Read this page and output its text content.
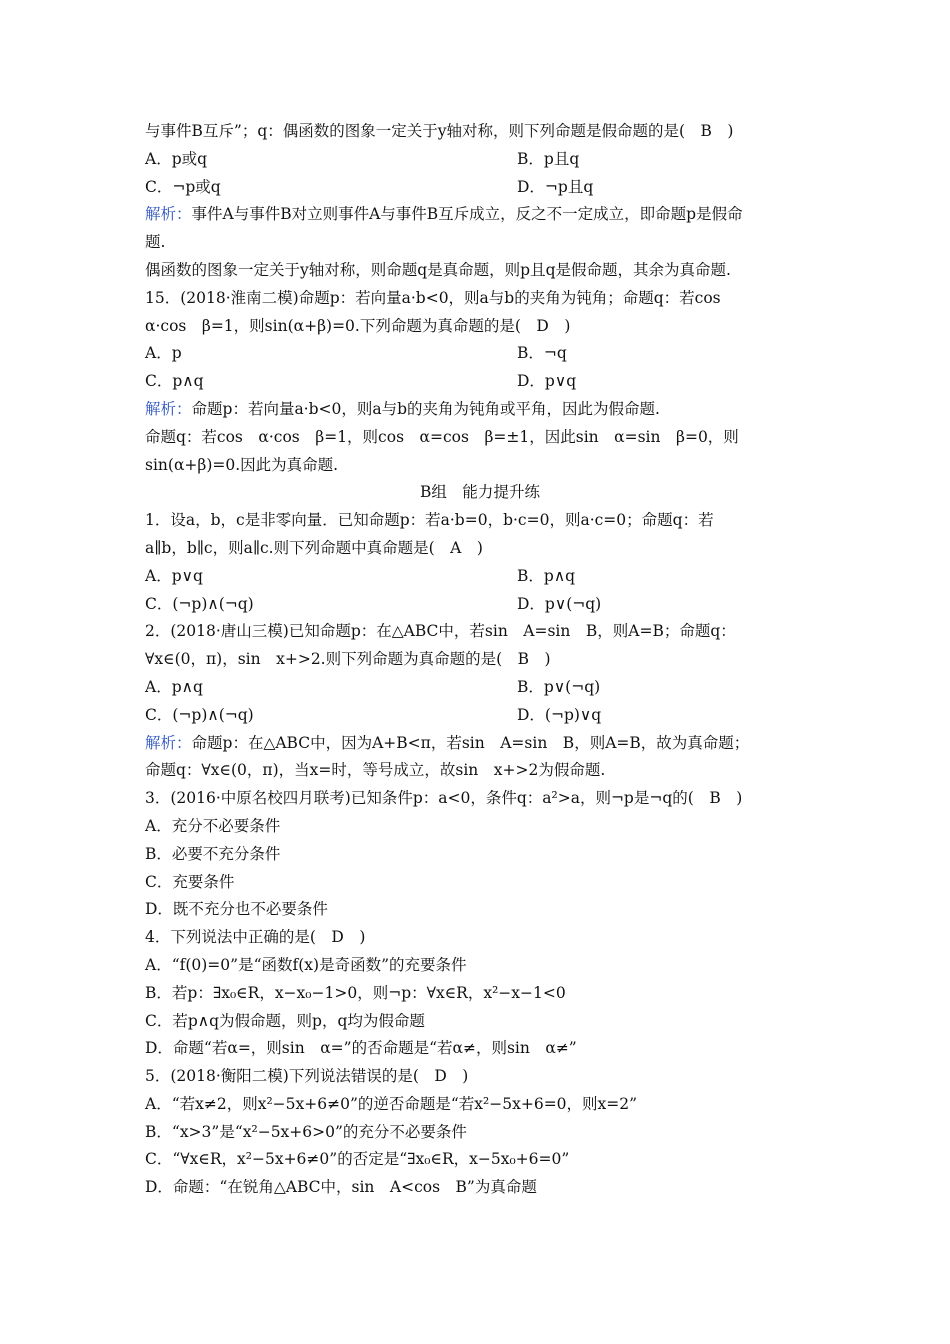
与事件B互斥”；q：偶函数的图象一定关于y轴对称，则下列命题是假命题的是(　B　)
A．p或q	B．p且q
C．¬p或q	D．¬p且q
解析：事件A与事件B对立则事件A与事件B互斥成立，反之不一定成立，即命题p是假命
题.
偶函数的图象一定关于y轴对称，则命题q是真命题，则p且q是假命题，其余为真命题.
15．(2018·淮南二模)命题p：若向量a·b<0，则a与b的夹角为钝角；命题q：若cos
α·cos　β=1，则sin(α+β)=0.下列命题为真命题的是(　D　)
A．p	B．¬q
C．p∧q	D．p∨q
解析：命题p：若向量a·b<0，则a与b的夹角为钝角或平角，因此为假命题.
命题q：若cos　α·cos　β=1，则cos　α=cos　β=±1，因此sin　α=sin　β=0，则
sin(α+β)=0.因此为真命题.
B组　能力提升练
1．设a，b，c是非零向量．已知命题p：若a·b=0，b·c=0，则a·c=0；命题q：若
a∥b，b∥c，则a∥c.则下列命题中真命题是(　A　)
A．p∨q	B．p∧q
C．(¬p)∧(¬q)	D．p∨(¬q)
2．(2018·唐山三模)已知命题p：在△ABC中，若sin　A=sin　B，则A=B；命题q：
∀x∈(0，π)，sin　x+>2.则下列命题为真命题的是(　B　)
A．p∧q	B．p∨(¬q)
C．(¬p)∧(¬q)	D．(¬p)∨q
解析：命题p：在△ABC中，因为A+B<π，若sin　A=sin　B，则A=B，故为真命题；
命题q：∀x∈(0，π)，当x=时，等号成立，故sin　x+>2为假命题.
3．(2016·中原名校四月联考)已知条件p：a<0，条件q：a²>a，则¬p是¬q的(　B　)
A．充分不必要条件
B．必要不充分条件
C．充要条件
D．既不充分也不必要条件
4．下列说法中正确的是(　D　)
A．“f(0)=0”是“函数f(x)是奇函数”的充要条件
B．若p：∃x₀∈R，x−x₀−1>0，则¬p：∀x∈R，x²−x−1<0
C．若p∧q为假命题，则p，q均为假命题
D．命题“若α=，则sin　α=”的否命题是“若α≠，则sin　α≠”
5．(2018·衡阳二模)下列说法错误的是(　D　)
A．“若x≠2，则x²−5x+6≠0”的逆否命题是“若x²−5x+6=0，则x=2”
B．“x>3”是“x²−5x+6>0”的充分不必要条件
C．“∀x∈R，x²−5x+6≠0”的否定是“∃x₀∈R，x−5x₀+6=0”
D．命题：“在锐角△ABC中，sin　A<cos　B”为真命题
